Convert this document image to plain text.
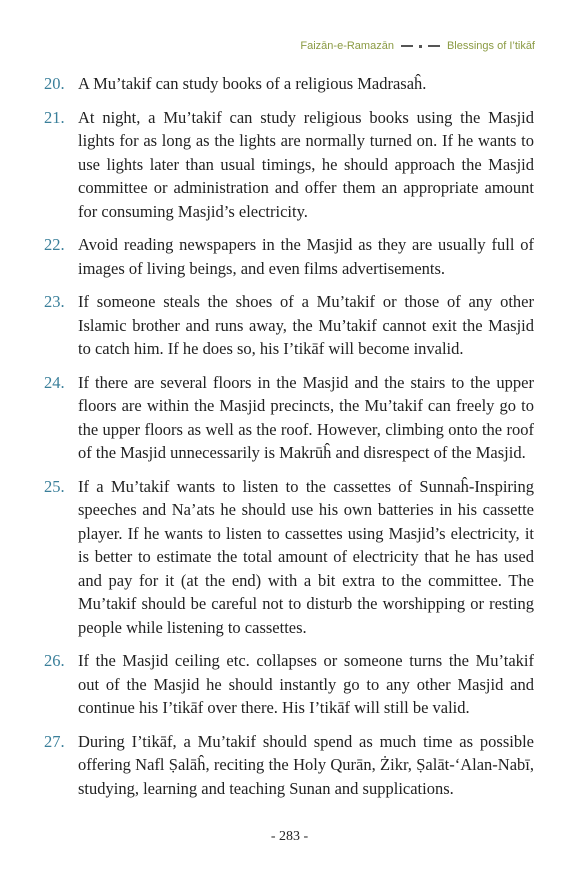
Faizān-e-Ramazān	Blessings of I’tikāf
20. A Mu’takif can study books of a religious Madrasaĥ.
21. At night, a Mu’takif can study religious books using the Masjid lights for as long as the lights are normally turned on. If he wants to use lights later than usual timings, he should approach the Masjid committee or administration and offer them an appropriate amount for consuming Masjid’s electricity.
22. Avoid reading newspapers in the Masjid as they are usually full of images of living beings, and even films advertisements.
23. If someone steals the shoes of a Mu’takif or those of any other Islamic brother and runs away, the Mu’takif cannot exit the Masjid to catch him. If he does so, his I’tikāf will become invalid.
24. If there are several floors in the Masjid and the stairs to the upper floors are within the Masjid precincts, the Mu’takif can freely go to the upper floors as well as the roof. However, climbing onto the roof of the Masjid unnecessarily is Makrūĥ and disrespect of the Masjid.
25. If a Mu’takif wants to listen to the cassettes of Sunnaĥ-Inspiring speeches and Na’ats he should use his own batteries in his cassette player. If he wants to listen to cassettes using Masjid’s electricity, it is better to estimate the total amount of electricity that he has used and pay for it (at the end) with a bit extra to the committee. The Mu’takif should be careful not to disturb the worshipping or resting people while listening to cassettes.
26. If the Masjid ceiling etc. collapses or someone turns the Mu’takif out of the Masjid he should instantly go to any other Masjid and continue his I’tikāf over there. His I’tikāf will still be valid.
27. During I’tikāf, a Mu’takif should spend as much time as possible offering Nafl Ṣalāĥ, reciting the Holy Qurān, Żikr, Ṣalāt-‘Alan-Nabī, studying, learning and teaching Sunan and supplications.
- 283 -
